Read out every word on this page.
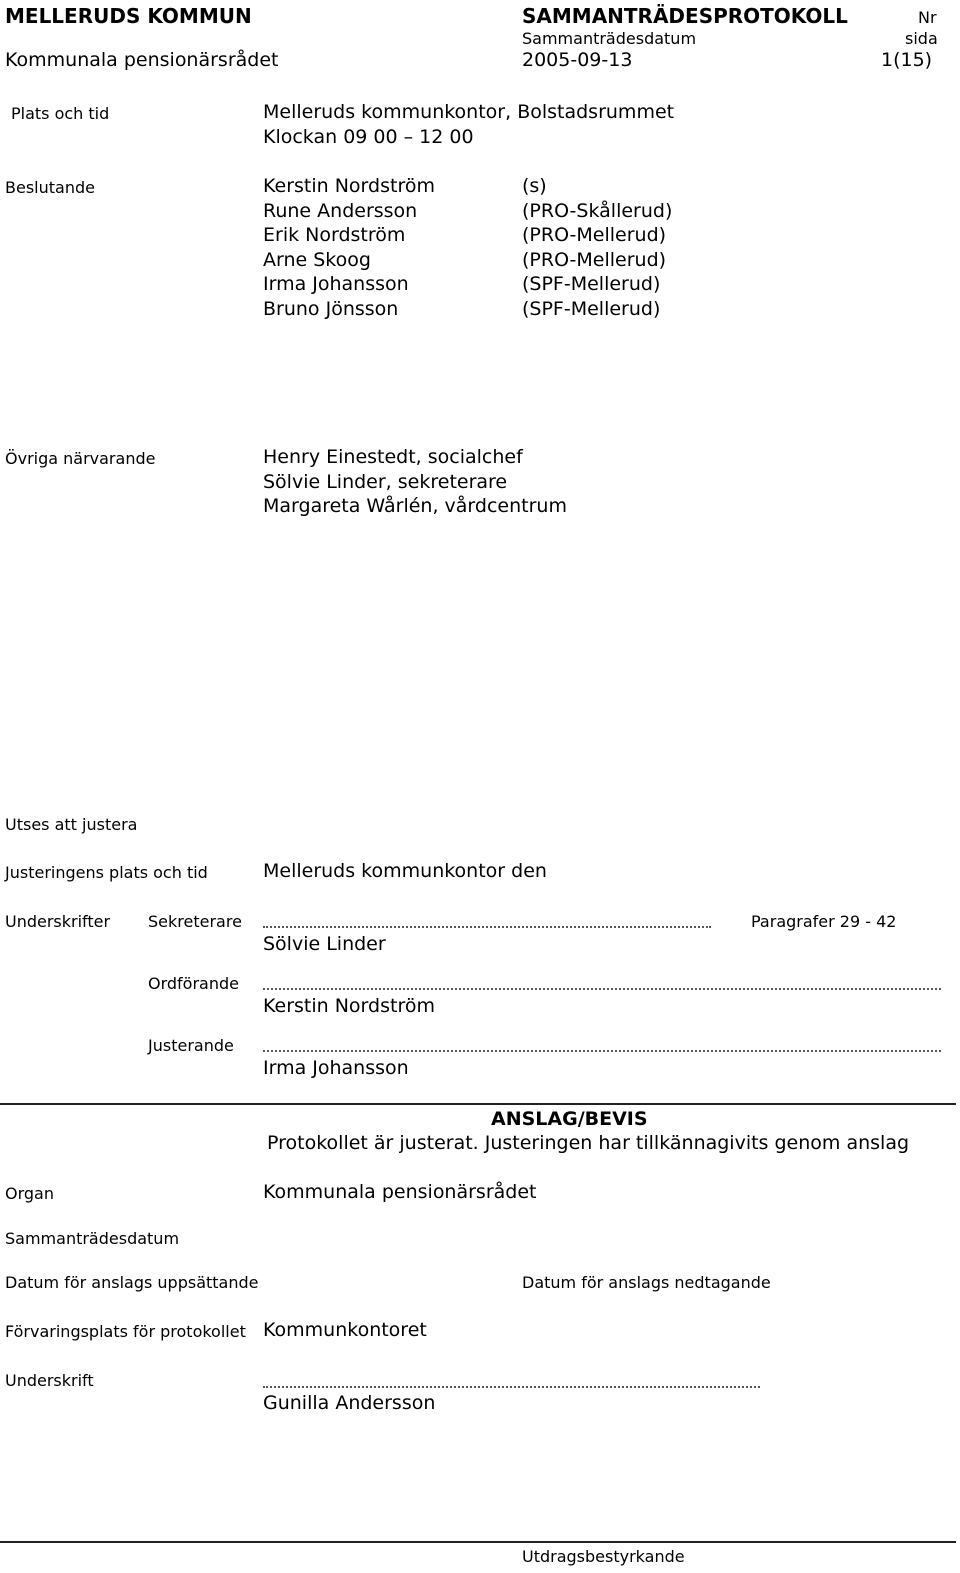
MELLERUDS KOMMUN	SAMMANTRÄDESPROTOKOLL	Nr
Sammanträdesdatum	sida
Kommunala pensionärsrådet	2005-09-13	1(15)
Plats och tid	Melleruds kommunkontor, Bolstadsrummet
Klockan 09 00 – 12 00
Beslutande	Kerstin Nordström	(s)
Rune Andersson	(PRO-Skållerud)
Erik Nordström	(PRO-Mellerud)
Arne Skoog	(PRO-Mellerud)
Irma Johansson	(SPF-Mellerud)
Bruno Jönsson	(SPF-Mellerud)
Övriga närvarande	Henry Einestedt, socialchef
Sölvie Linder, sekreterare
Margareta Wårlén, vårdcentrum
Utses att justera
Justeringens plats och tid	Melleruds kommunkontor den
Underskrifter Sekreterare	Paragrafer 29 - 42
Sölvie Linder
Ordförande
Kerstin Nordström
Justerande
Irma Johansson
ANSLAG/BEVIS
Protokollet är justerat. Justeringen har tillkännagivits genom anslag
Organ	Kommunala pensionärsrådet
Sammanträdesdatum
Datum för anslags uppsättande	Datum för anslags nedtagande
Förvaringsplats för protokollet Kommunkontoret
Underskrift
Gunilla Andersson
Utdragsbestyrkande
